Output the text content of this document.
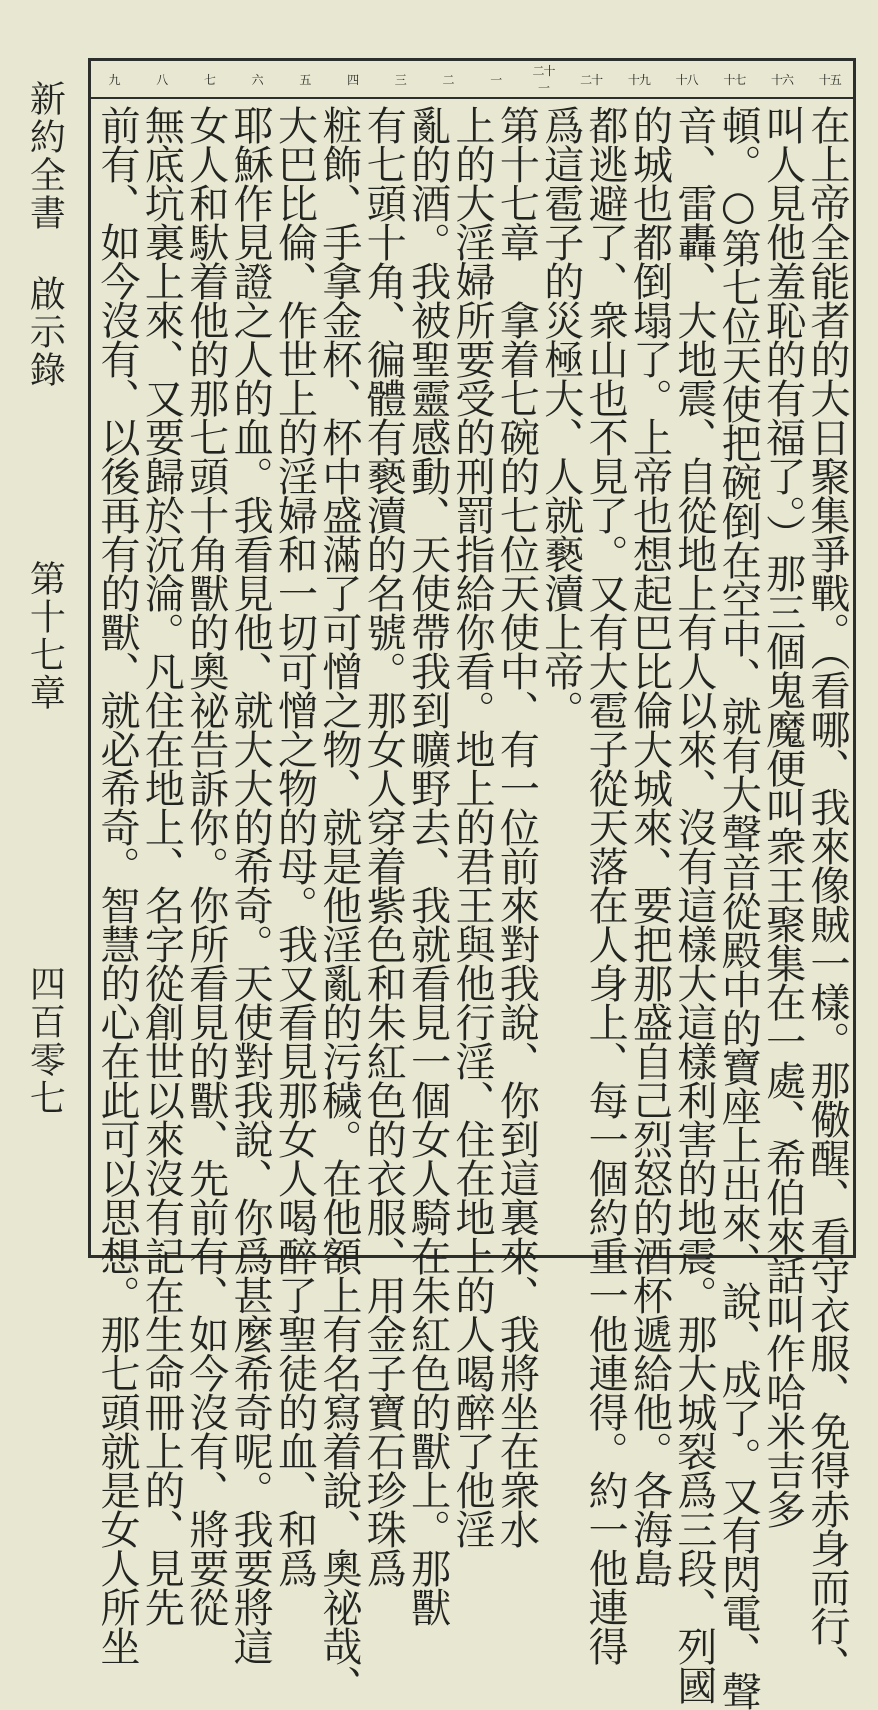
新約全書 啟示錄
第十七章
四百零七
十五
十六
十七
十八
十九
二十
二十一
一
二
三
四
五
六
七
八
九
在上帝全能者的大日聚集爭戰。（看哪、我來像賊一樣。那儆醒、看守衣服、免得赤身而行、
叫人見他羞恥的有福了。）那三個鬼魔便叫衆王聚集在一處、希伯來話叫作哈米吉多
頓。○第七位天使把碗倒在空中、就有大聲音從殿中的寶座上出來、說、成了。又有閃電、聲
音、雷轟、大地震、自從地上有人以來、沒有這樣大這樣利害的地震。那大城裂爲三段、列國
的城也都倒塌了。上帝也想起巴比倫大城來、要把那盛自己烈怒的酒杯遞給他。各海島
都逃避了、衆山也不見了。又有大雹子從天落在人身上、每一個約重一他連得。約一他連得
爲這雹子的災極大、人就褻瀆上帝。
第十七章　拿着七碗的七位天使中、有一位前來對我說、你到這裏來、我將坐在衆水
上的大淫婦所要受的刑罰指給你看。地上的君王與他行淫、住在地上的人喝醉了他淫
亂的酒。我被聖靈感動、天使帶我到曠野去、我就看見一個女人騎在朱紅色的獸上。那獸
有七頭十角、徧體有褻瀆的名號。那女人穿着紫色和朱紅色的衣服、用金子寶石珍珠爲
粧飾、手拿金杯、杯中盛滿了可憎之物、就是他淫亂的污穢。在他額上有名寫着說、奧祕哉、
大巴比倫、作世上的淫婦和一切可憎之物的母。我又看見那女人喝醉了聖徒的血、和爲
耶穌作見證之人的血。我看見他、就大大的希奇。天使對我說、你爲甚麼希奇呢。我要將這
女人和馱着他的那七頭十角獸的奧祕告訴你。你所看見的獸、先前有、如今沒有、將要從
無底坑裏上來、又要歸於沉淪。凡住在地上、名字從創世以來沒有記在生命冊上的、見先
前有、如今沒有、以後再有的獸、就必希奇。智慧的心在此可以思想。那七頭就是女人所坐
